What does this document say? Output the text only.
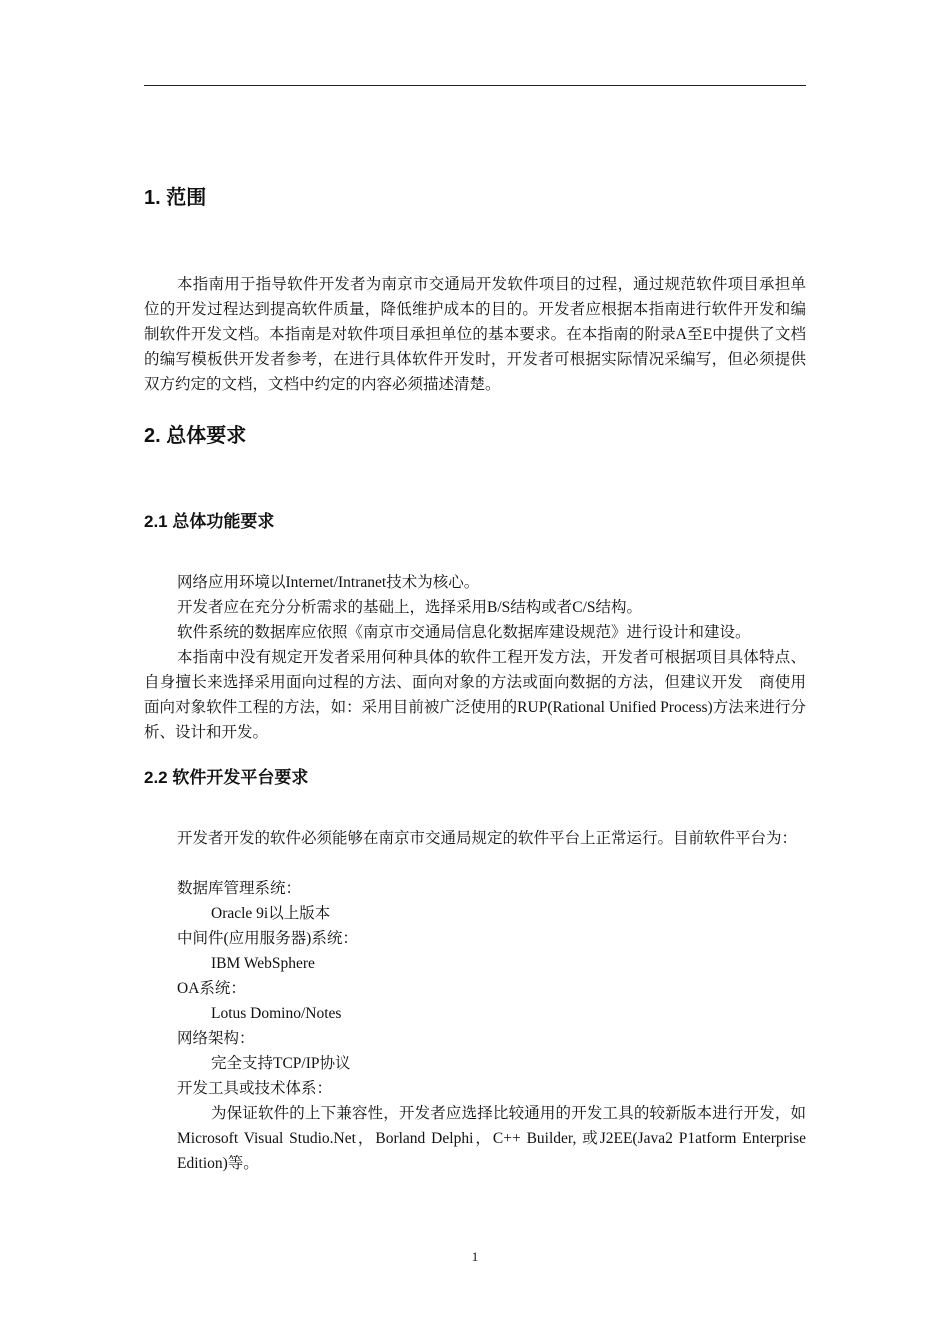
1. 范围
本指南用于指导软件开发者为南京市交通局开发软件项目的过程，通过规范软件项目承担单位的开发过程达到提高软件质量，降低维护成本的目的。开发者应根据本指南进行软件开发和编制软件开发文档。本指南是对软件项目承担单位的基本要求。在本指南的附录A至E中提供了文档的编写模板供开发者参考，在进行具体软件开发时，开发者可根据实际情况采编写，但必须提供双方约定的文档，文档中约定的内容必须描述清楚。
2. 总体要求
2.1 总体功能要求
网络应用环境以Internet/Intranet技术为核心。
开发者应在充分分析需求的基础上，选择采用B/S结构或者C/S结构。
软件系统的数据库应依照《南京市交通局信息化数据库建设规范》进行设计和建设。
本指南中没有规定开发者采用何种具体的软件工程开发方法，开发者可根据项目具体特点、自身擅长来选择采用面向过程的方法、面向对象的方法或面向数据的方法，但建议开发　商使用面向对象软件工程的方法，如：采用目前被广泛使用的RUP(Rational Unified Process)方法来进行分析、设计和开发。
2.2 软件开发平台要求
开发者开发的软件必须能够在南京市交通局规定的软件平台上正常运行。目前软件平台为：
数据库管理系统：
Oracle 9i以上版本
中间件(应用服务器)系统：
IBM WebSphere
OA系统：
Lotus Domino/Notes
网络架构：
完全支持TCP/IP协议
开发工具或技术体系：
为保证软件的上下兼容性，开发者应选择比较通用的开发工具的较新版本进行开发，如Microsoft Visual Studio.Net，Borland Delphi，C++ Builder, 或J2EE(Java2 P1atform Enterprise Edition)等。
1
